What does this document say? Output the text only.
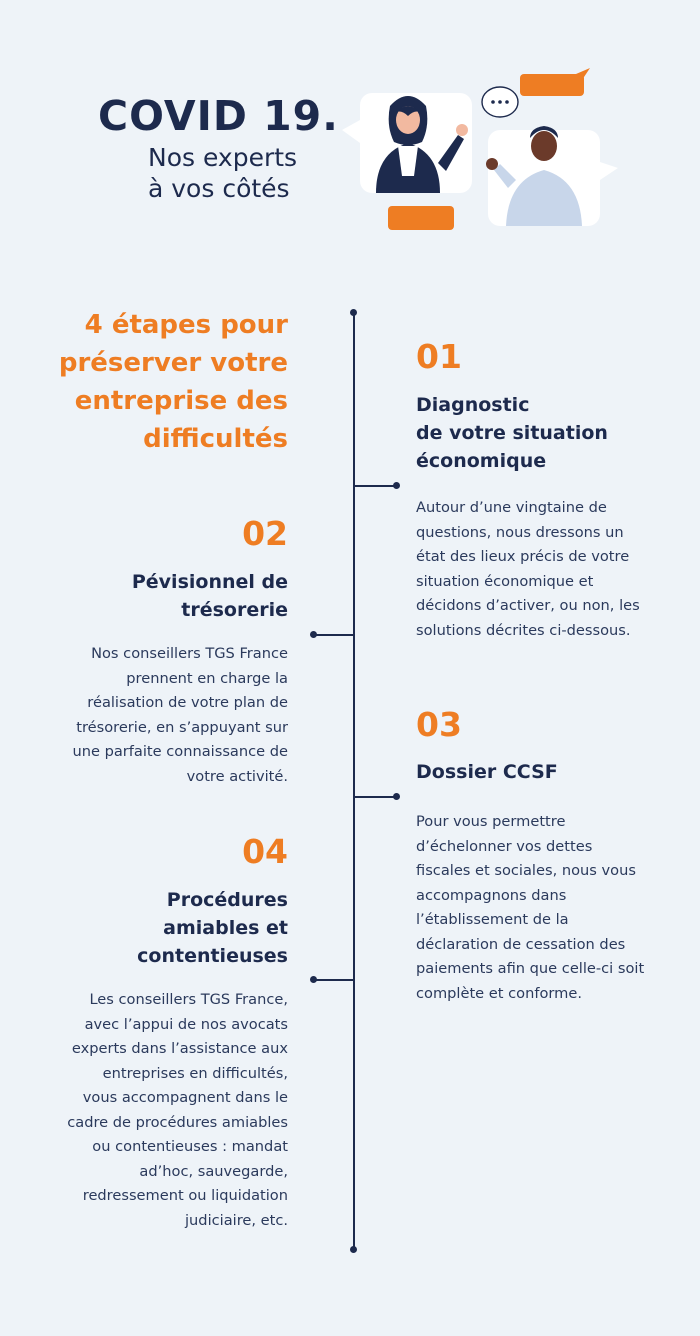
COVID 19.
Nos experts
à vos côtés
4 étapes pour
préserver votre
entreprise des
difficultés
01
Diagnostic
de votre situation
économique
Autour d’une vingtaine de
questions, nous dressons un
état des lieux précis de votre
situation économique et
décidons d’activer, ou non, les
solutions décrites ci-dessous.
02
Pévisionnel de
trésorerie
Nos conseillers TGS France
prennent en charge la
réalisation de votre plan de
trésorerie, en s’appuyant sur
une parfaite connaissance de
votre activité.
03
Dossier CCSF
Pour vous permettre
d’échelonner vos dettes
fiscales et sociales, nous vous
accompagnons dans
l’établissement de la
déclaration de cessation des
paiements afin que celle-ci soit
complète et conforme.
04
Procédures
amiables et
contentieuses
Les conseillers TGS France,
avec l’appui de nos avocats
experts dans l’assistance aux
entreprises en difficultés,
vous accompagnent dans le
cadre de procédures amiables
ou contentieuses : mandat
ad’hoc, sauvegarde,
redressement ou liquidation
judiciaire, etc.
